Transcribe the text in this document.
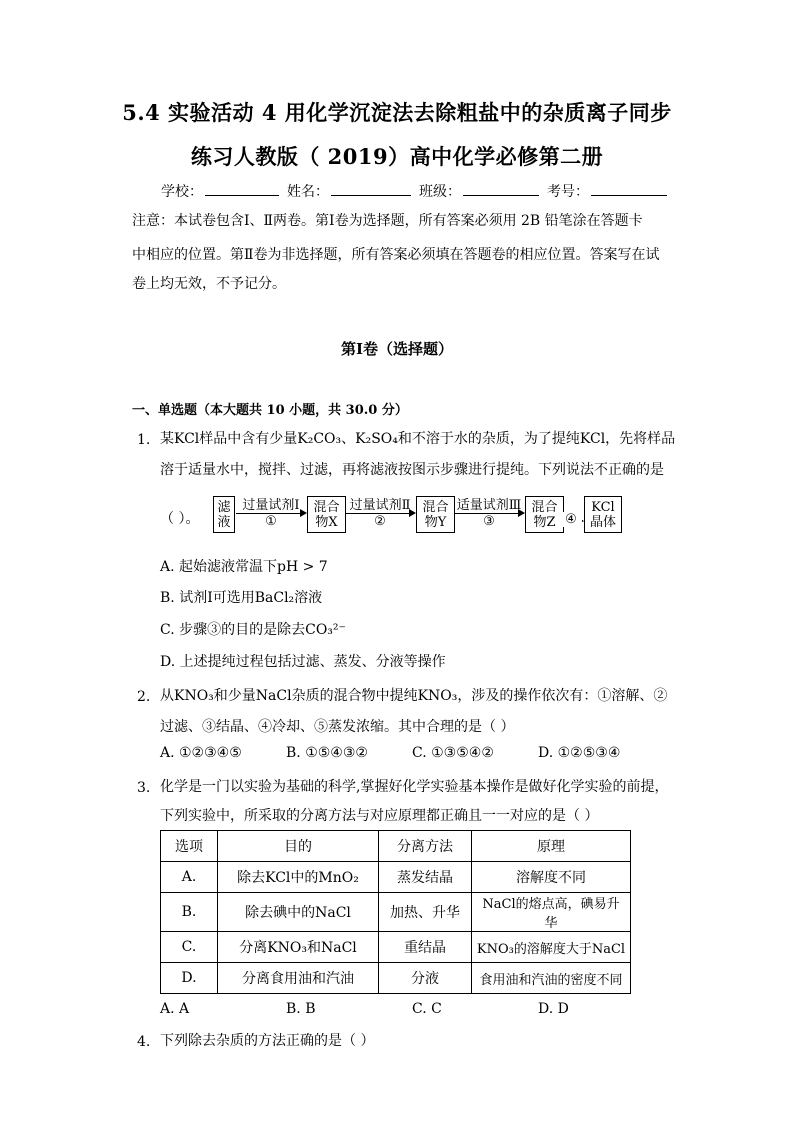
5.4 实验活动 4 用化学沉淀法去除粗盐中的杂质离子同步
练习人教版（ 2019）高中化学必修第二册
学校：	姓名：	班级：	考号：
注意：本试卷包含Ⅰ、Ⅱ两卷。第Ⅰ卷为选择题，所有答案必须用 2B 铅笔涂在答题卡
中相应的位置。第Ⅱ卷为非选择题，所有答案必须填在答题卷的相应位置。答案写在试
卷上均无效，不予记分。
第Ⅰ卷（选择题）
一、单选题（本大题共 10 小题，共 30.0 分）
1. 某KCl样品中含有少量K₂CO₃、K₂SO₄和不溶于水的杂质，为了提纯KCl，先将样品
溶于适量水中，搅拌、过滤，再将滤液按图示步骤进行提纯。下列说法不正确的是
（ ）。
滤
液
过量试剂Ⅰ
①
混合
物X
过量试剂Ⅱ
②
混合
物Y
适量试剂Ⅲ
③
混合
物Z ④
KCl
晶体
A. 起始滤液常温下pH > 7
B. 试剂Ⅰ可选用BaCl₂溶液
C. 步骤③的目的是除去CO₃²⁻
D. 上述提纯过程包括过滤、蒸发、分液等操作
2. 从KNO₃和少量NaCl杂质的混合物中提纯KNO₃，涉及的操作依次有：①溶解、②
过滤、③结晶、④冷却、⑤蒸发浓缩。其中合理的是（ ）
A. ①②③④⑤	B. ①⑤④③②	C. ①③⑤④②	D. ①②⑤③④
3. 化学是一门以实验为基础的科学,掌握好化学实验基本操作是做好化学实验的前提，
下列实验中，所采取的分离方法与对应原理都正确且一一对应的是（ ）
选项	目的	分离方法	原理
A.	除去KCl中的MnO₂	蒸发结晶	溶解度不同
B.	除去碘中的NaCl	加热、升华	NaCl的熔点高，碘易升华
C.	分离KNO₃和NaCl	重结晶	KNO₃的溶解度大于NaCl
D.	分离食用油和汽油	分液	食用油和汽油的密度不同
A. A	B. B	C. C	D. D
4. 下列除去杂质的方法正确的是（ ）
